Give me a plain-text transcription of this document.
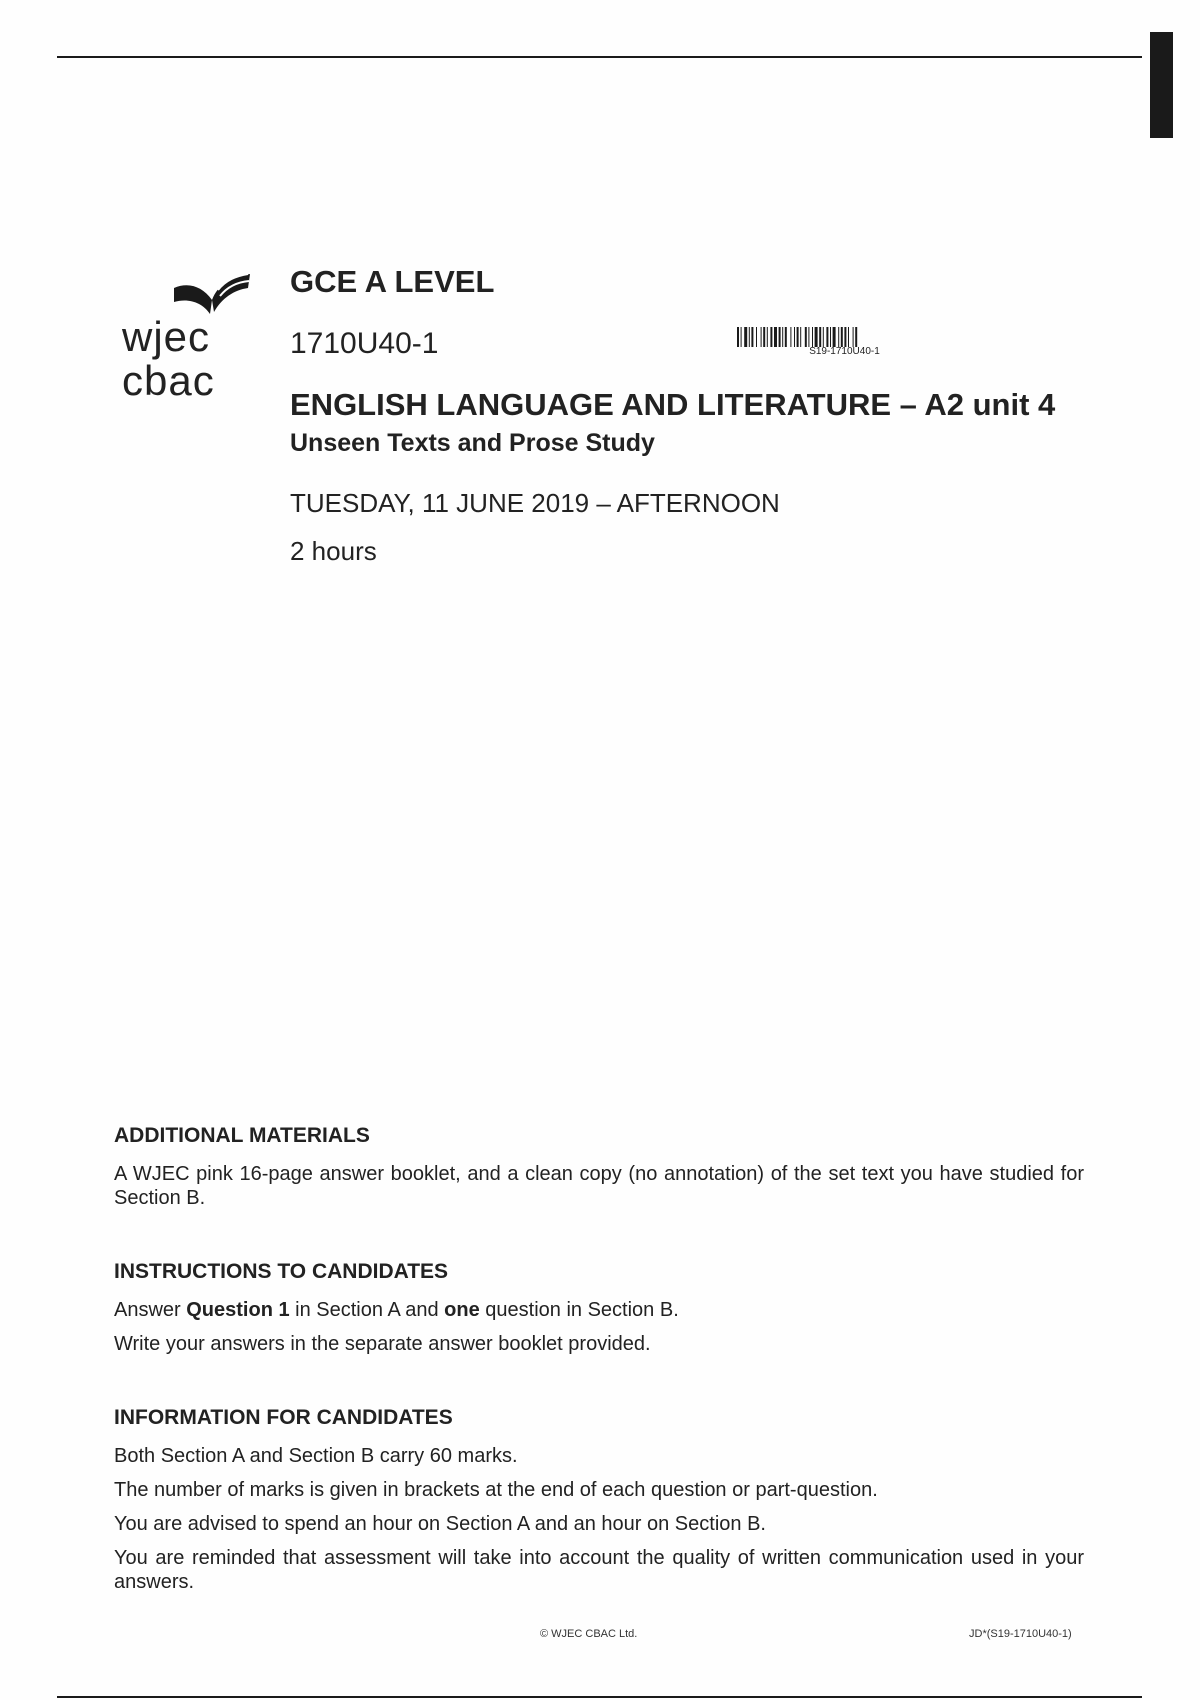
wjec
cbac
GCE A LEVEL
1710U40-1	S19-1710U40-1
ENGLISH LANGUAGE AND LITERATURE – A2 unit 4
Unseen Texts and Prose Study
TUESDAY, 11 JUNE 2019 – AFTERNOON
2 hours
ADDITIONAL MATERIALS
A WJEC pink 16-page answer booklet, and a clean copy (no annotation) of the set text you have studied for Section B.
INSTRUCTIONS TO CANDIDATES
Answer Question 1 in Section A and one question in Section B.
Write your answers in the separate answer booklet provided.
INFORMATION FOR CANDIDATES
Both Section A and Section B carry 60 marks.
The number of marks is given in brackets at the end of each question or part-question.
You are advised to spend an hour on Section A and an hour on Section B.
You are reminded that assessment will take into account the quality of written communication used in your answers.
© WJEC CBAC Ltd.	JD*(S19-1710U40-1)
